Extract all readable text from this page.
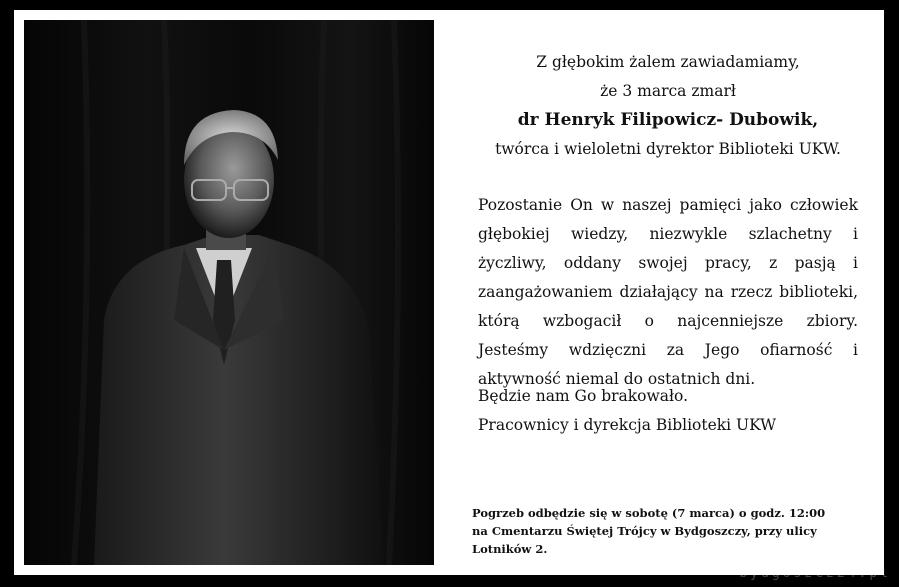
Z głębokim żalem zawiadamiamy,
że 3 marca zmarł
dr Henryk Filipowicz- Dubowik,
twórca i wieloletni dyrektor Biblioteki UKW.

Pozostanie On w naszej pamięci jako człowiek głębokiej wiedzy, niezwykle szlachetny i życzliwy, oddany swojej pracy, z pasją i zaangażowaniem działający na rzecz biblioteki, którą wzbogacił o najcenniejsze zbiory. Jesteśmy wdzięczni za Jego ofiarność i aktywność niemal do ostatnich dni.

Będzie nam Go brakowało.
Pracownicy i dyrekcja Biblioteki UKW
Pogrzeb odbędzie się w sobotę (7 marca) o godz. 12:00
na Cmentarzu Świętej Trójcy w Bydgoszczy, przy ulicy Lotników 2.
bydgoszcz24.pl
